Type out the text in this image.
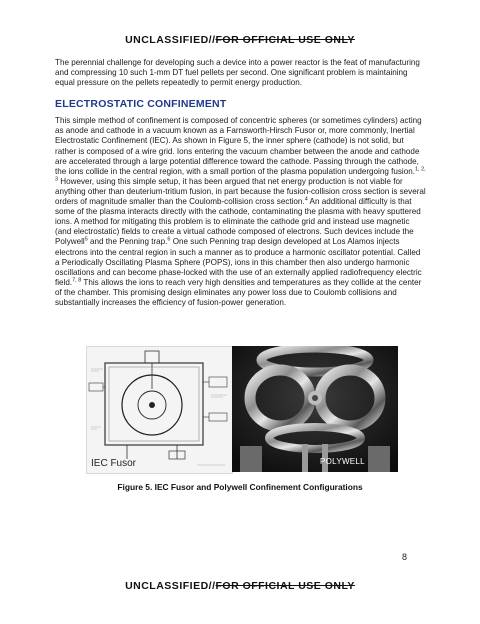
UNCLASSIFIED//FOR OFFICIAL USE ONLY

The perennial challenge for developing such a device into a power reactor is the feat of manufacturing and compressing 10 such 1-mm DT fuel pellets per second. One significant problem is maintaining equal pressure on the pellets repeatedly to permit energy production.

ELECTROSTATIC CONFINEMENT

This simple method of confinement is composed of concentric spheres (or sometimes cylinders) acting as anode and cathode in a vacuum known as a Farnsworth-Hirsch Fusor or, more commonly, Inertial Electrostatic Confinement (IEC). As shown in Figure 5, the inner sphere (cathode) is not solid, but rather is composed of a wire grid. Ions entering the vacuum chamber between the anode and cathode are accelerated through a large potential difference toward the cathode. Passing through the cathode, the ions collide in the central region, with a small portion of the plasma population undergoing fusion.$^{1, 2, 3}$ However, using this simple setup, it has been argued that net energy production is not viable for anything other than deuterium-tritium fusion, in part because the fusion-collision cross section is several orders of magnitude smaller than the Coulomb-collision cross section.$^4$ An additional difficulty is that some of the plasma interacts directly with the cathode, contaminating the plasma with heavy sputtered ions. A method for mitigating this problem is to eliminate the cathode grid and instead use magnetic (and electrostatic) fields to create a virtual cathode composed of electrons. Such devices include the Polywell$^5$ and the Penning trap.$^6$ One such Penning trap design developed at Los Alamos injects electrons into the central region in such a manner as to produce a harmonic oscillator potential. Called a Periodically Oscillating Plasma Sphere (POPS), ions in this chamber then also undergo harmonic oscillations and can become phase-locked with the use of an externally applied radiofrequency electric field.$^{7, 8}$ This allows the ions to reach very high densities and temperatures as they collide at the center of the chamber. This promising design eliminates any power loss due to Coulomb collisions and substantially increases the efficiency of fusion-power generation.

IEC Fusor	POLYWELL
Figure 5. IEC Fusor and Polywell Confinement Configurations
8
UNCLASSIFIED//FOR OFFICIAL USE ONLY
